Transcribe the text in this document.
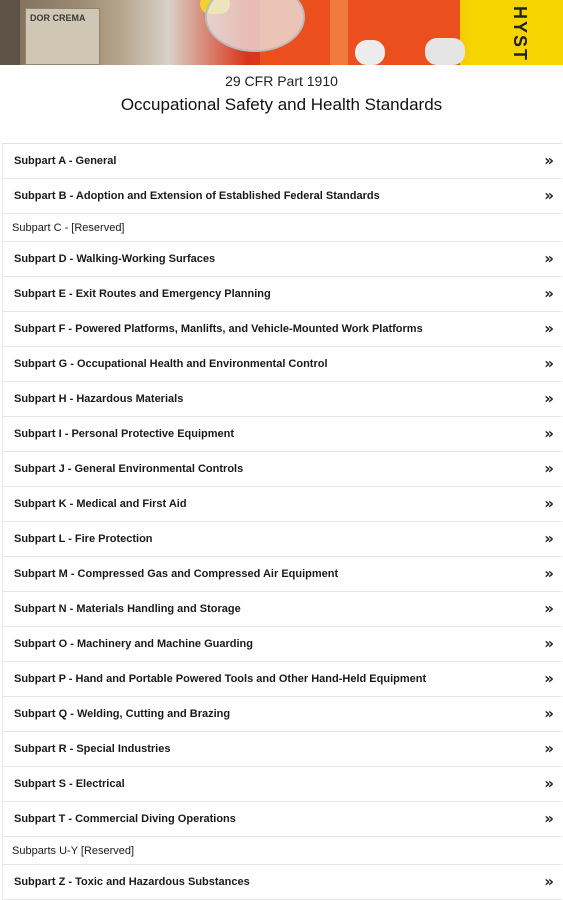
DOR CREMA	HYST
29 CFR Part 1910
Occupational Safety and Health Standards
Subpart A - General	»
Subpart B - Adoption and Extension of Established Federal Standards	»
Subpart C - [Reserved]
Subpart D - Walking-Working Surfaces	»
Subpart E - Exit Routes and Emergency Planning	»
Subpart F - Powered Platforms, Manlifts, and Vehicle-Mounted Work Platforms	»
Subpart G - Occupational Health and Environmental Control	»
Subpart H - Hazardous Materials	»
Subpart I - Personal Protective Equipment	»
Subpart J - General Environmental Controls	»
Subpart K - Medical and First Aid	»
Subpart L - Fire Protection	»
Subpart M - Compressed Gas and Compressed Air Equipment	»
Subpart N - Materials Handling and Storage	»
Subpart O - Machinery and Machine Guarding	»
Subpart P - Hand and Portable Powered Tools and Other Hand-Held Equipment	»
Subpart Q - Welding, Cutting and Brazing	»
Subpart R - Special Industries	»
Subpart S - Electrical	»
Subpart T - Commercial Diving Operations	»
Subparts U-Y [Reserved]
Subpart Z - Toxic and Hazardous Substances	»
